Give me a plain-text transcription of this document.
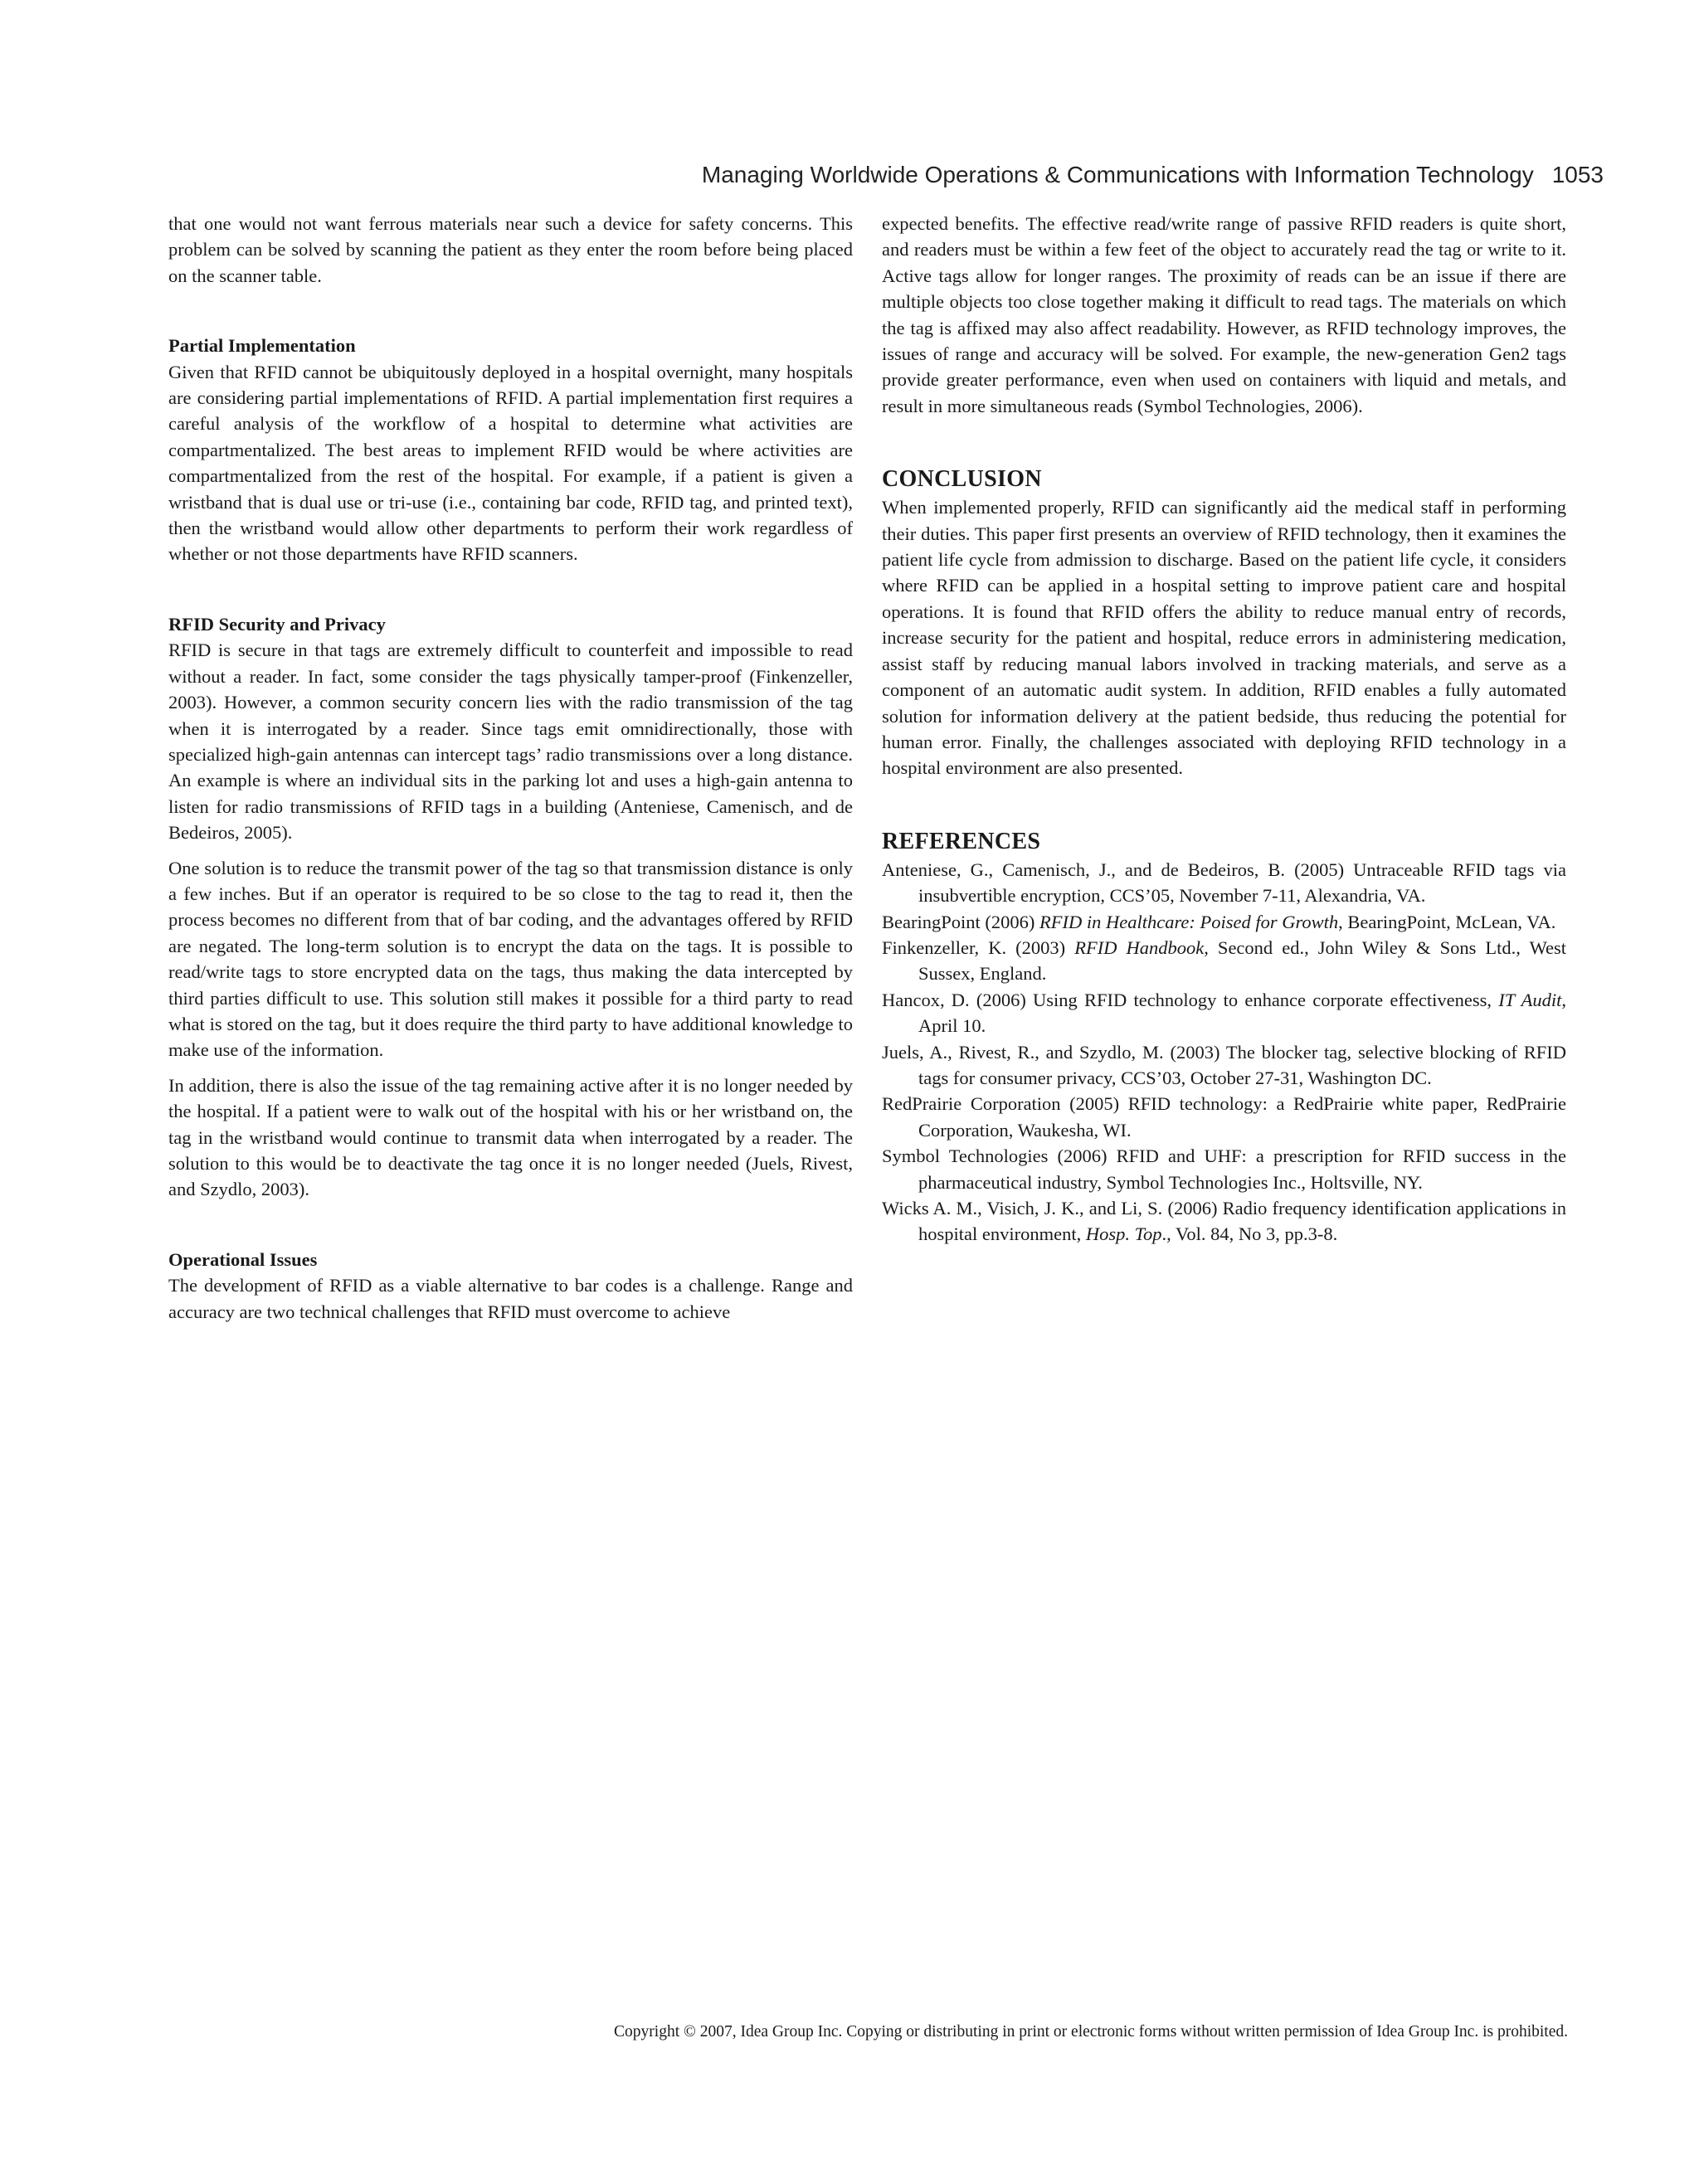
Managing Worldwide Operations & Communications with Information Technology 1053

that one would not want ferrous materials near such a device for safety concerns. This problem can be solved by scanning the patient as they enter the room before being placed on the scanner table.

Partial Implementation

Given that RFID cannot be ubiquitously deployed in a hospital overnight, many hospitals are considering partial implementations of RFID. A partial implementation first requires a careful analysis of the workflow of a hospital to determine what activities are compartmentalized. The best areas to implement RFID would be where activities are compartmentalized from the rest of the hospital. For example, if a patient is given a wristband that is dual use or tri-use (i.e., containing bar code, RFID tag, and printed text), then the wristband would allow other departments to perform their work regardless of whether or not those departments have RFID scanners.

RFID Security and Privacy

RFID is secure in that tags are extremely difficult to counterfeit and impossible to read without a reader. In fact, some consider the tags physically tamper-proof (Finkenzeller, 2003). However, a common security concern lies with the radio transmission of the tag when it is interrogated by a reader. Since tags emit omnidirectionally, those with specialized high-gain antennas can intercept tags’ radio transmissions over a long distance. An example is where an individual sits in the parking lot and uses a high-gain antenna to listen for radio transmissions of RFID tags in a building (Anteniese, Camenisch, and de Bedeiros, 2005).

One solution is to reduce the transmit power of the tag so that transmission distance is only a few inches. But if an operator is required to be so close to the tag to read it, then the process becomes no different from that of bar coding, and the advantages offered by RFID are negated. The long-term solution is to encrypt the data on the tags. It is possible to read/write tags to store encrypted data on the tags, thus making the data intercepted by third parties difficult to use. This solution still makes it possible for a third party to read what is stored on the tag, but it does require the third party to have additional knowledge to make use of the information.

In addition, there is also the issue of the tag remaining active after it is no longer needed by the hospital. If a patient were to walk out of the hospital with his or her wristband on, the tag in the wristband would continue to transmit data when interrogated by a reader. The solution to this would be to deactivate the tag once it is no longer needed (Juels, Rivest, and Szydlo, 2003).

Operational Issues

The development of RFID as a viable alternative to bar codes is a challenge. Range and accuracy are two technical challenges that RFID must overcome to achieve

expected benefits. The effective read/write range of passive RFID readers is quite short, and readers must be within a few feet of the object to accurately read the tag or write to it. Active tags allow for longer ranges. The proximity of reads can be an issue if there are multiple objects too close together making it difficult to read tags. The materials on which the tag is affixed may also affect readability. However, as RFID technology improves, the issues of range and accuracy will be solved. For example, the new-generation Gen2 tags provide greater performance, even when used on containers with liquid and metals, and result in more simultaneous reads (Symbol Technologies, 2006).

CONCLUSION

When implemented properly, RFID can significantly aid the medical staff in performing their duties. This paper first presents an overview of RFID technology, then it examines the patient life cycle from admission to discharge. Based on the patient life cycle, it considers where RFID can be applied in a hospital setting to improve patient care and hospital operations. It is found that RFID offers the ability to reduce manual entry of records, increase security for the patient and hospital, reduce errors in administering medication, assist staff by reducing manual labors involved in tracking materials, and serve as a component of an automatic audit system. In addition, RFID enables a fully automated solution for information delivery at the patient bedside, thus reducing the potential for human error. Finally, the challenges associated with deploying RFID technology in a hospital environment are also presented.

REFERENCES

Anteniese, G., Camenisch, J., and de Bedeiros, B. (2005) Untraceable RFID tags via insubvertible encryption, CCS’05, November 7-11, Alexandria, VA.
BearingPoint (2006) RFID in Healthcare: Poised for Growth, BearingPoint, McLean, VA.
Finkenzeller, K. (2003) RFID Handbook, Second ed., John Wiley & Sons Ltd., West Sussex, England.
Hancox, D. (2006) Using RFID technology to enhance corporate effectiveness, IT Audit, April 10.
Juels, A., Rivest, R., and Szydlo, M. (2003) The blocker tag, selective blocking of RFID tags for consumer privacy, CCS’03, October 27-31, Washington DC.
RedPrairie Corporation (2005) RFID technology: a RedPrairie white paper, RedPrairie Corporation, Waukesha, WI.
Symbol Technologies (2006) RFID and UHF: a prescription for RFID success in the pharmaceutical industry, Symbol Technologies Inc., Holtsville, NY.
Wicks A. M., Visich, J. K., and Li, S. (2006) Radio frequency identification applications in hospital environment, Hosp. Top., Vol. 84, No 3, pp.3-8.
Copyright © 2007, Idea Group Inc. Copying or distributing in print or electronic forms without written permission of Idea Group Inc. is prohibited.
